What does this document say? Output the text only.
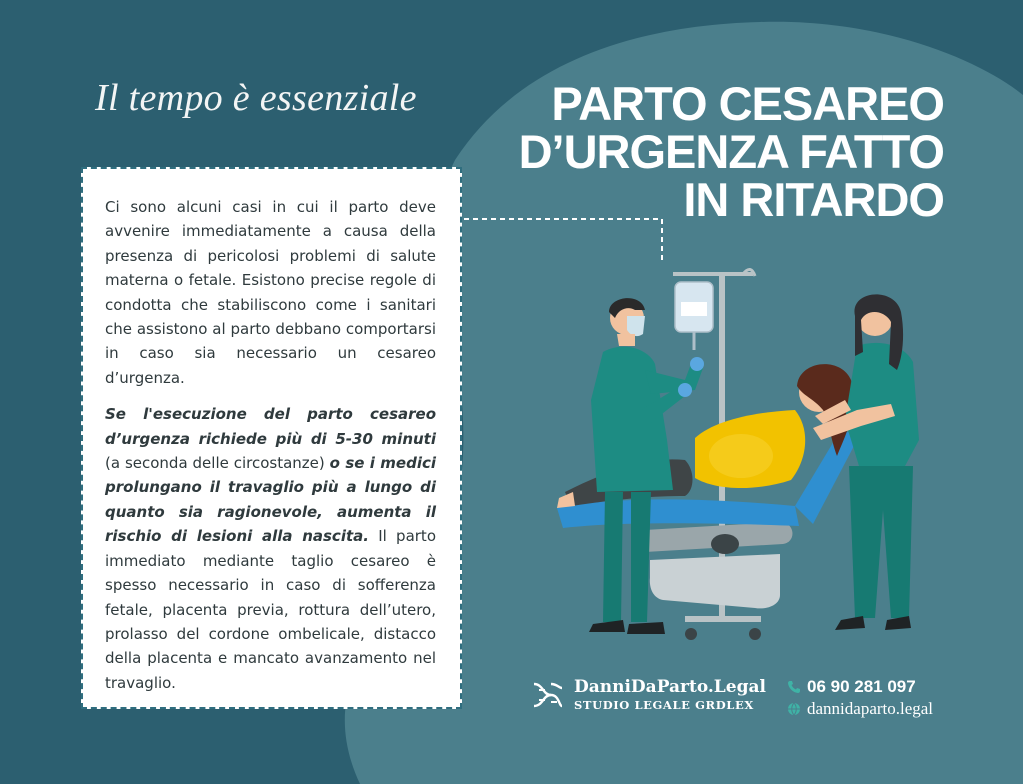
Il tempo è essenziale	PARTO CESAREO
D’URGENZA FATTO
IN RITARDO

Ci sono alcuni casi in cui il parto deve avvenire immediatamente a causa della presenza di pericolosi problemi di salute materna o fetale. Esistono precise regole di condotta che stabiliscono come i sanitari che assistono al parto debbano comportarsi in caso sia necessario un cesareo d’urgenza.

Se l'esecuzione del parto cesareo d’urgenza richiede più di 5-30 minuti (a seconda delle circostanze) o se i medici prolungano il travaglio più a lungo di quanto sia ragionevole, aumenta il rischio di lesioni alla nascita. Il parto immediato mediante taglio cesareo è spesso necessario in caso di sofferenza fetale, placenta previa, rottura dell’utero, prolasso del cordone ombelicale, distacco della placenta e mancato avanzamento nel travaglio.	DanniDaParto.Legal
STUDIO LEGALE GRDLEX
06 90 281 097
dannidaparto.legal
